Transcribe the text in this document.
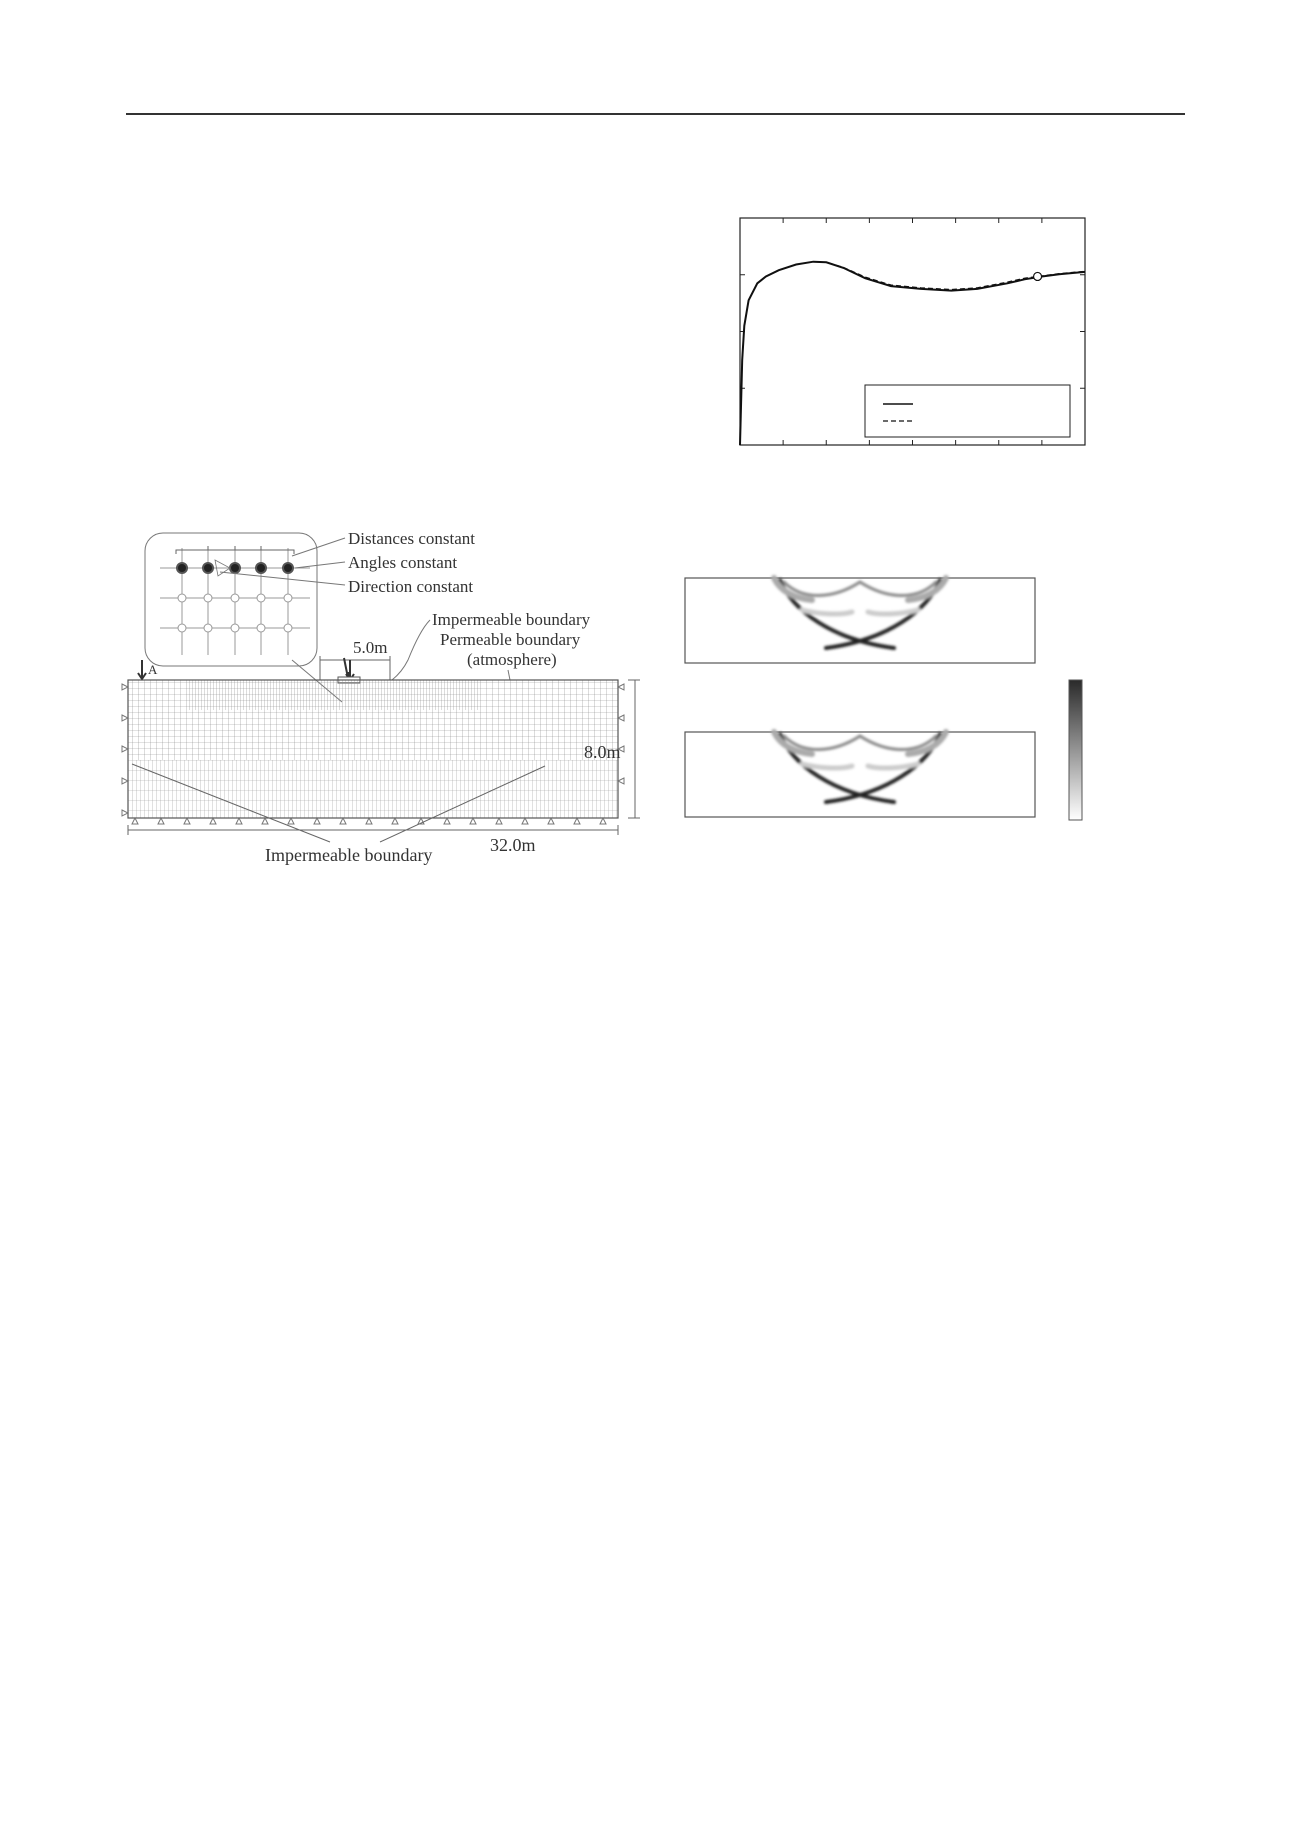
Distances constant
Angles constant
Direction constant
Impermeable boundary
Permeable boundary
(atmosphere)
5.0m
A
8.0m
32.0m
Impermeable boundary
